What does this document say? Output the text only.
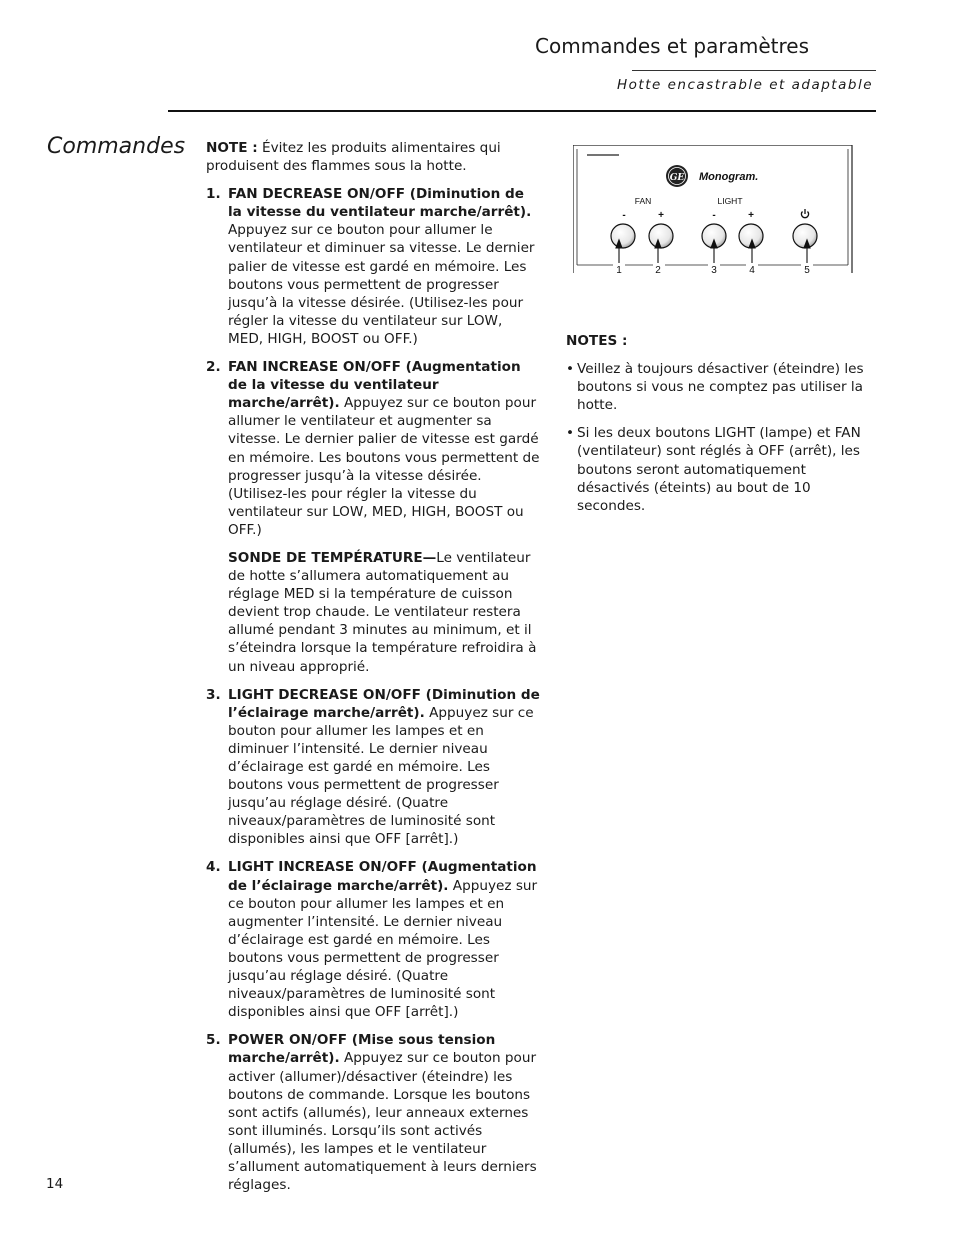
Commandes et paramètres
Hotte encastrable et adaptable
Commandes NOTE : Évitez les produits alimentaires qui produisent des flammes sous la hotte.

1. FAN DECREASE ON/OFF (Diminution de la vitesse du ventilateur marche/arrêt). Appuyez sur ce bouton pour allumer le ventilateur et diminuer sa vitesse. Le dernier palier de vitesse est gardé en mémoire. Les boutons vous permettent de progresser jusqu’à la vitesse désirée. (Utilisez-les pour régler la vitesse du ventilateur sur LOW, MED, HIGH, BOOST ou OFF.)
2. FAN INCREASE ON/OFF (Augmentation de la vitesse du ventilateur marche/arrêt). Appuyez sur ce bouton pour allumer le ventilateur et augmenter sa vitesse. Le dernier palier de vitesse est gardé en mémoire. Les boutons vous permettent de progresser jusqu’à la vitesse désirée. (Utilisez-les pour régler la vitesse du ventilateur sur LOW, MED, HIGH, BOOST ou OFF.)
SONDE DE TEMPÉRATURE—Le ventilateur de hotte s’allumera automatiquement au réglage MED si la température de cuisson devient trop chaude. Le ventilateur restera allumé pendant 3 minutes au minimum, et il s’éteindra lorsque la température refroidira à un niveau approprié.
3. LIGHT DECREASE ON/OFF (Diminution de l’éclairage marche/arrêt). Appuyez sur ce bouton pour allumer les lampes et en diminuer l’intensité. Le dernier niveau d’éclairage est gardé en mémoire. Les boutons vous permettent de progresser jusqu’au réglage désiré. (Quatre niveaux/paramètres de luminosité sont disponibles ainsi que OFF [arrêt].)
4. LIGHT INCREASE ON/OFF (Augmentation de l’éclairage marche/arrêt). Appuyez sur ce bouton pour allumer les lampes et en augmenter l’intensité. Le dernier niveau d’éclairage est gardé en mémoire. Les boutons vous permettent de progresser jusqu’au réglage désiré. (Quatre niveaux/paramètres de luminosité sont disponibles ainsi que OFF [arrêt].)
5. POWER ON/OFF (Mise sous tension marche/arrêt). Appuyez sur ce bouton pour activer (allumer)/désactiver (éteindre) les boutons de commande. Lorsque les boutons sont actifs (allumés), leur anneaux externes sont illuminés. Lorsqu’ils sont activés (allumés), les lampes et le ventilateur s’allument automatiquement à leurs derniers réglages.
GE Monogram.
FAN	LIGHT
-	+	-	+
1	2	3	4	5

NOTES :

• Veillez à toujours désactiver (éteindre) les boutons si vous ne comptez pas utiliser la hotte.
• Si les deux boutons LIGHT (lampe) et FAN (ventilateur) sont réglés à OFF (arrêt), les boutons seront automatiquement désactivés (éteints) au bout de 10 secondes.
14
